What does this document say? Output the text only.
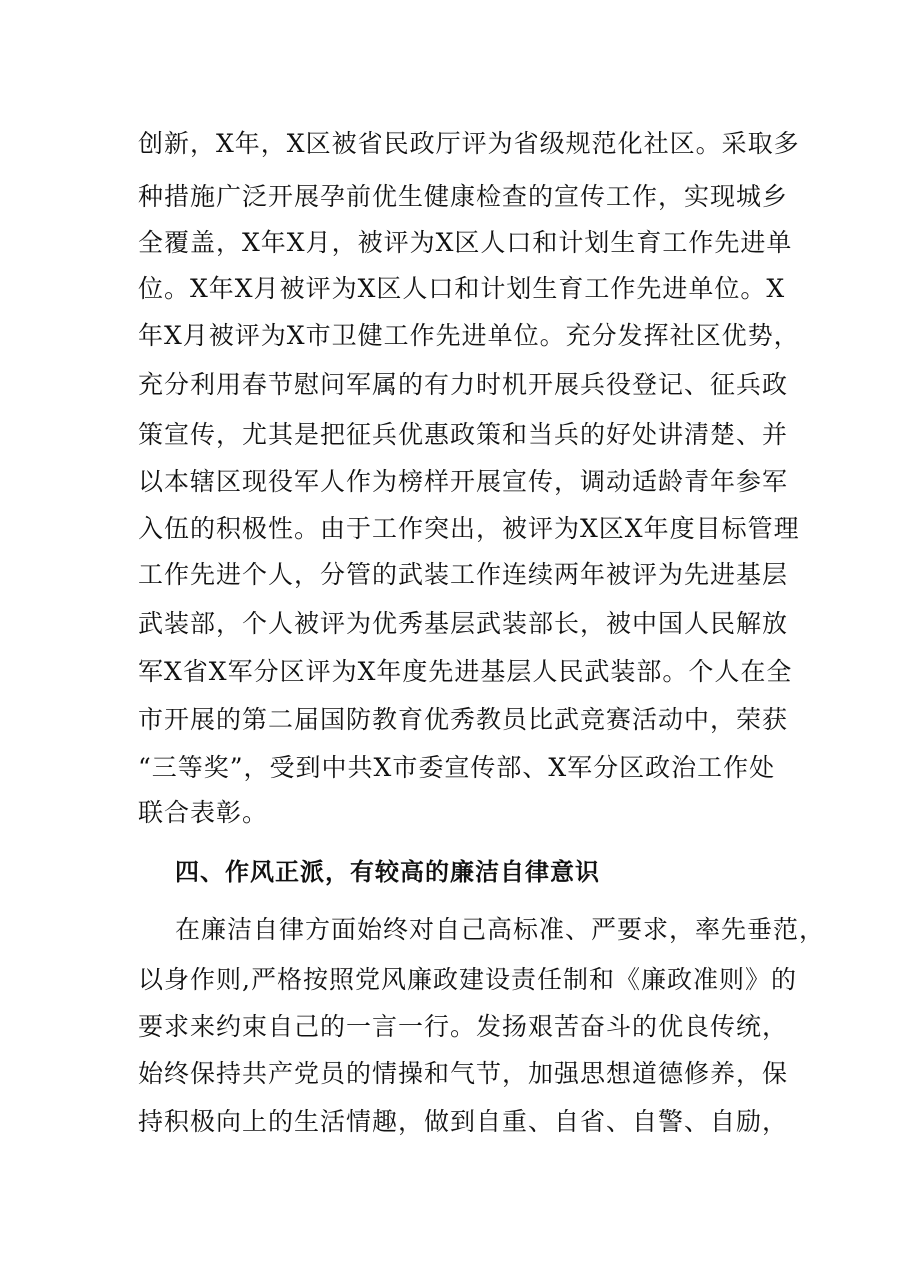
创新，X年，X区被省民政厅评为省级规范化社区。采取多
种措施广泛开展孕前优生健康检查的宣传工作，实现城乡
全覆盖，X年X月，被评为X区人口和计划生育工作先进单
位。X年X月被评为X区人口和计划生育工作先进单位。X
年X月被评为X市卫健工作先进单位。充分发挥社区优势，
充分利用春节慰问军属的有力时机开展兵役登记、征兵政
策宣传，尤其是把征兵优惠政策和当兵的好处讲清楚、并
以本辖区现役军人作为榜样开展宣传，调动适龄青年参军
入伍的积极性。由于工作突出，被评为X区X年度目标管理
工作先进个人，分管的武装工作连续两年被评为先进基层
武装部，个人被评为优秀基层武装部长，被中国人民解放
军X省X军分区评为X年度先进基层人民武装部。个人在全
市开展的第二届国防教育优秀教员比武竞赛活动中，荣获
“三等奖”，受到中共X市委宣传部、X军分区政治工作处
联合表彰。
四、作风正派，有较高的廉洁自律意识
在廉洁自律方面始终对自己高标准、严要求，率先垂范，
以身作则,严格按照党风廉政建设责任制和《廉政准则》的
要求来约束自己的一言一行。发扬艰苦奋斗的优良传统，
始终保持共产党员的情操和气节，加强思想道德修养，保
持积极向上的生活情趣，做到自重、自省、自警、自励，
